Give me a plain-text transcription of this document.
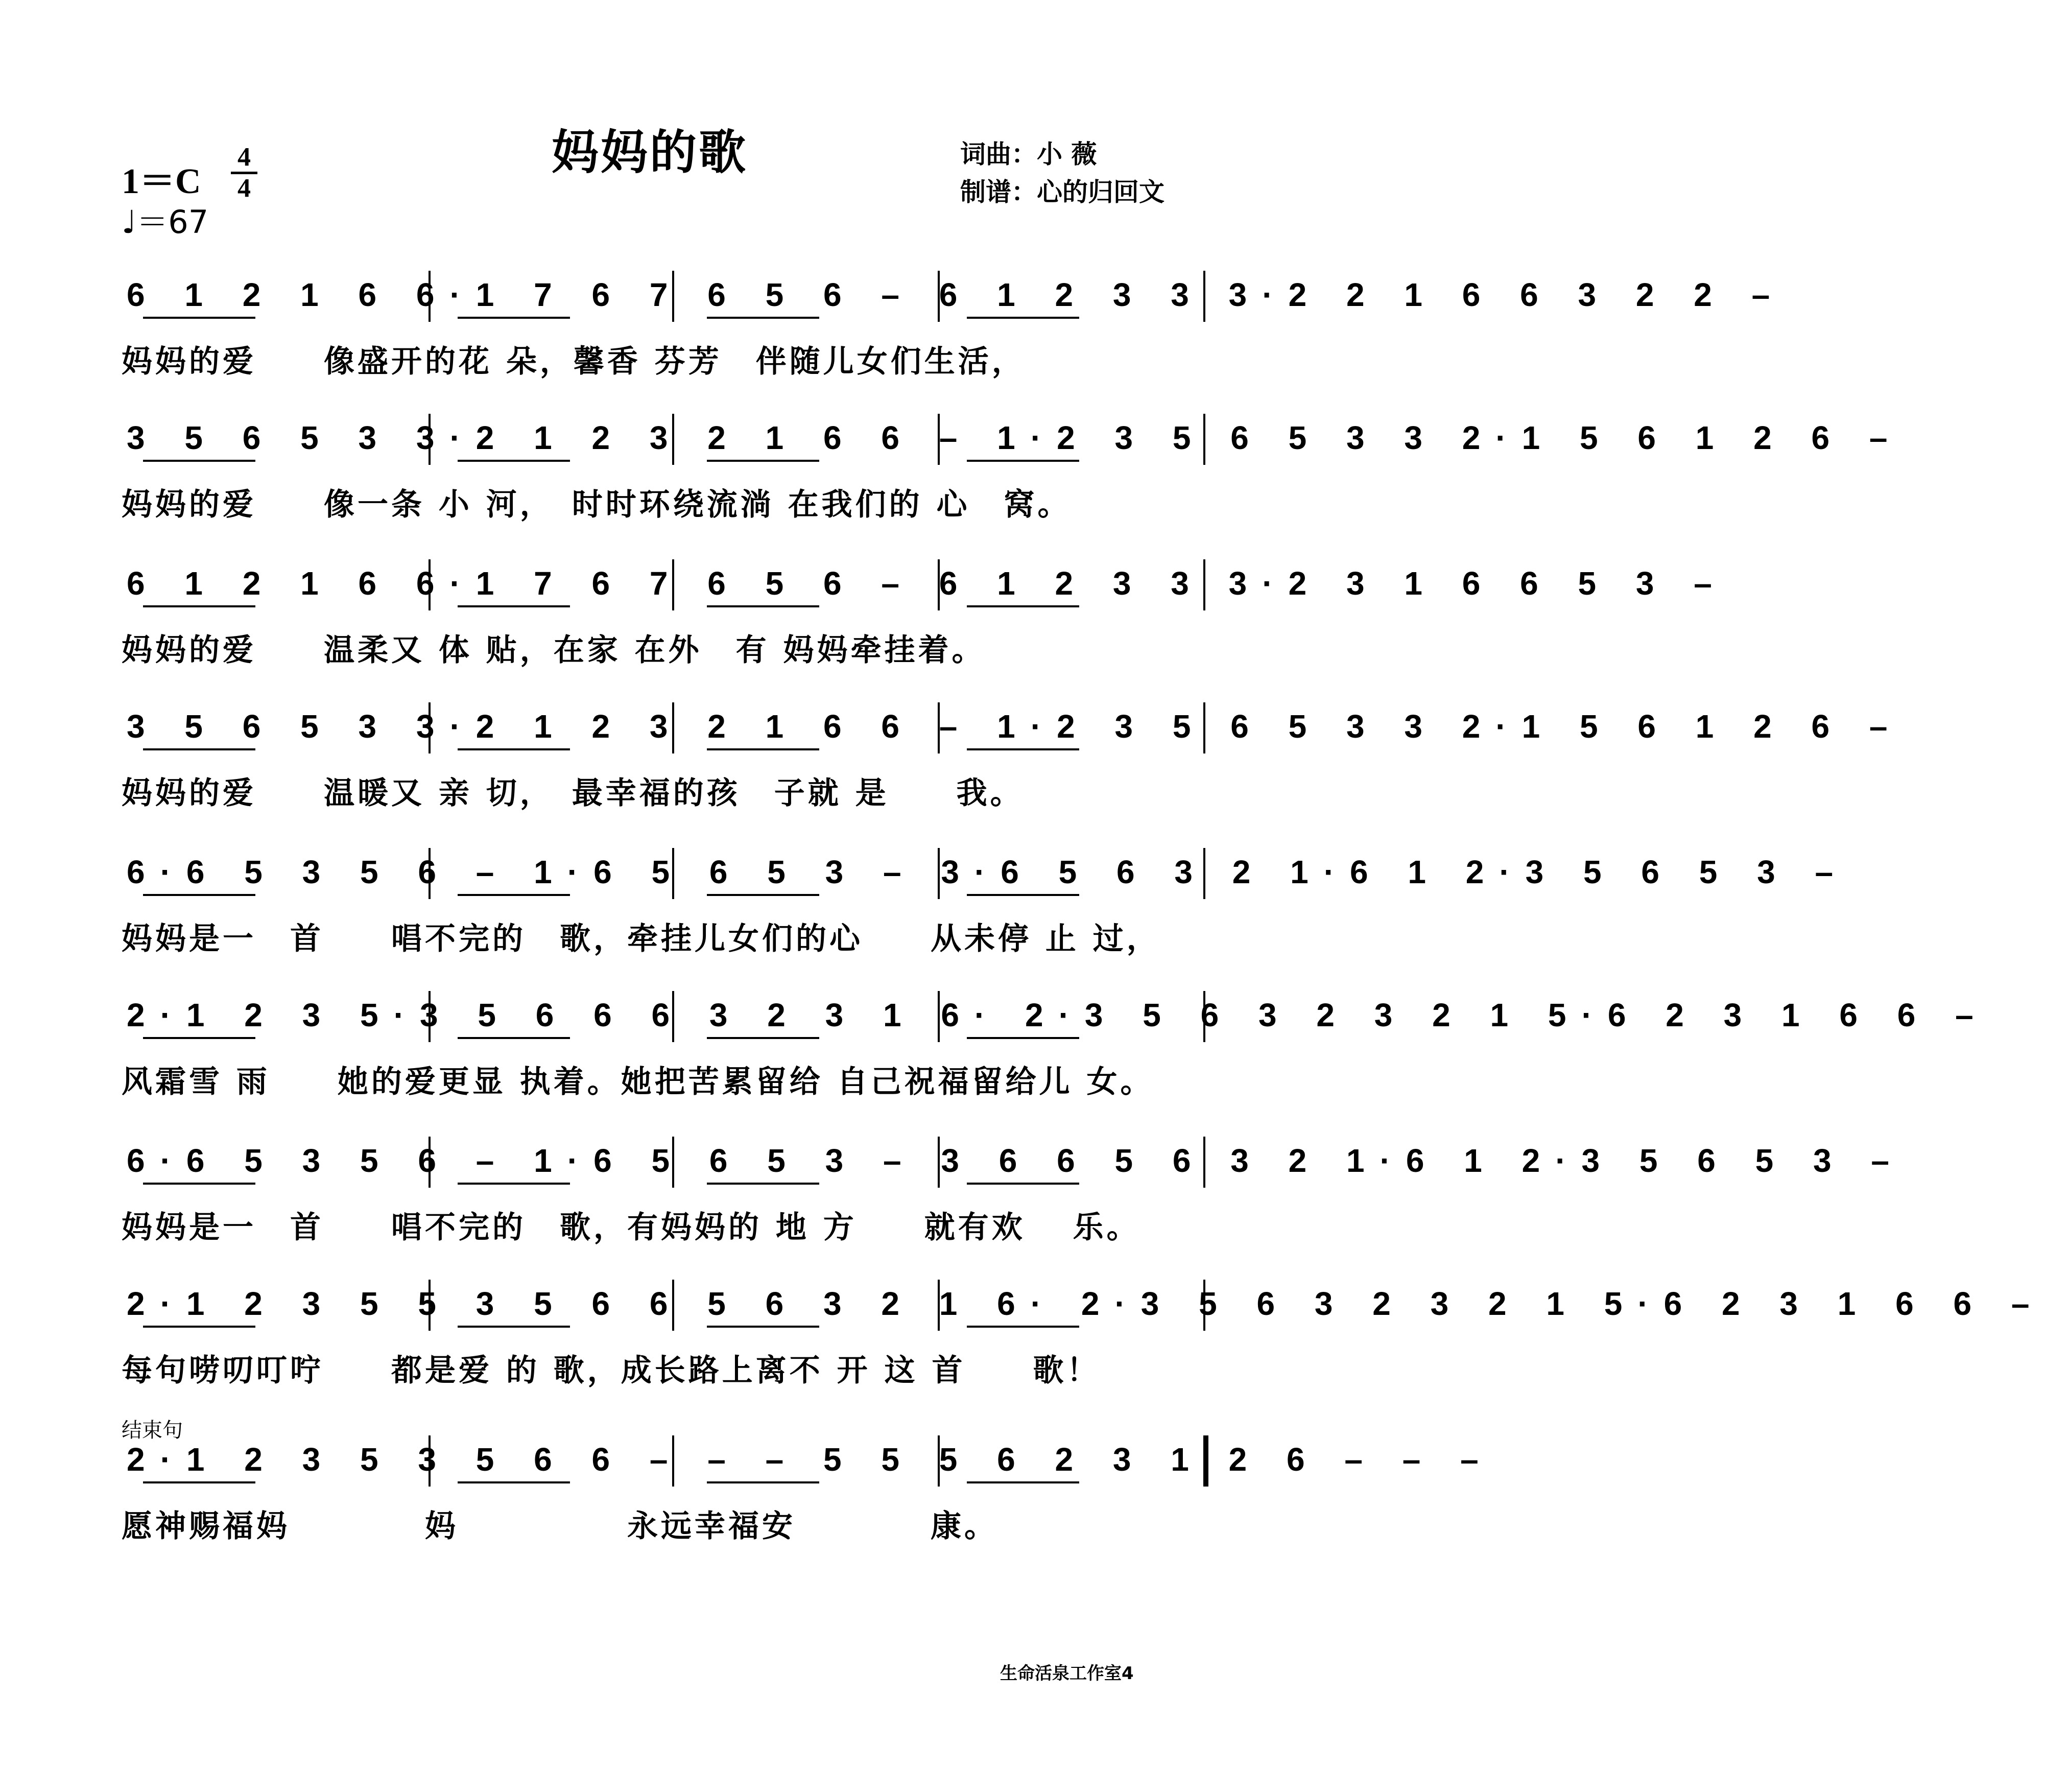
妈妈的歌
1＝C
4
4
♩＝67
词曲：小 薇
制谱：心的归回文
6 1 2 1 6 6·1 7 6 7 6 5 6 – 6 1 2 3 3 3·2 2 1 6 6 3 2 2 –
妈妈的爱　　像盛开的花 朵，馨香 芬芳　伴随儿女们生活，
3 5 6 5 3 3·2 1 2 3 2 1 6 6 – 1·2 3 5 6 5 3 3 2·1 5 6 1 2 6 –
妈妈的爱　　像一条 小 河，　时时环绕流淌 在我们的 心　窝。
6 1 2 1 6 6·1 7 6 7 6 5 6 – 6 1 2 3 3 3·2 3 1 6 6 5 3 –
妈妈的爱　　温柔又 体 贴，在家 在外　有 妈妈牵挂着。
3 5 6 5 3 3·2 1 2 3 2 1 6 6 – 1·2 3 5 6 5 3 3 2·1 5 6 1 2 6 –
妈妈的爱　　温暖又 亲 切，　最幸福的孩　子就 是　　我。
6·6 5 3 5 6 – 1·6 5 6 5 3 – 3·6 5 6 3 2 1·6 1 2·3 5 6 5 3 –
妈妈是一　首　　唱不完的　歌，牵挂儿女们的心　　从未停 止 过，
2·1 2 3 5·3 5 6 6 6 3 2 3 1 6· 2·3 5 6 3 2 3 2 1 5·6 2 3 1 6 6 –
风霜雪 雨　　她的爱更显 执着。她把苦累留给 自己祝福留给儿 女。
6·6 5 3 5 6 – 1·6 5 6 5 3 – 3 6 6 5 6 3 2 1·6 1 2·3 5 6 5 3 –
妈妈是一　首　　唱不完的　歌，有妈妈的 地 方　　就有欢　 乐。
2·1 2 3 5 5 3 5 6 6 5 6 3 2 1 6· 2·3 5 6 3 2 3 2 1 5·6 2 3 1 6 6 –
每句唠叨叮咛　　都是爱 的 歌，成长路上离不 开 这 首　　歌！
2·1 2 3 5 3 5 6 6 – – – 5 5 5 6 2 3 1 2 6 – – –
愿神赐福妈　　　　妈　　　　　永远幸福安　　　　康。
结束句
生命活泉工作室4
